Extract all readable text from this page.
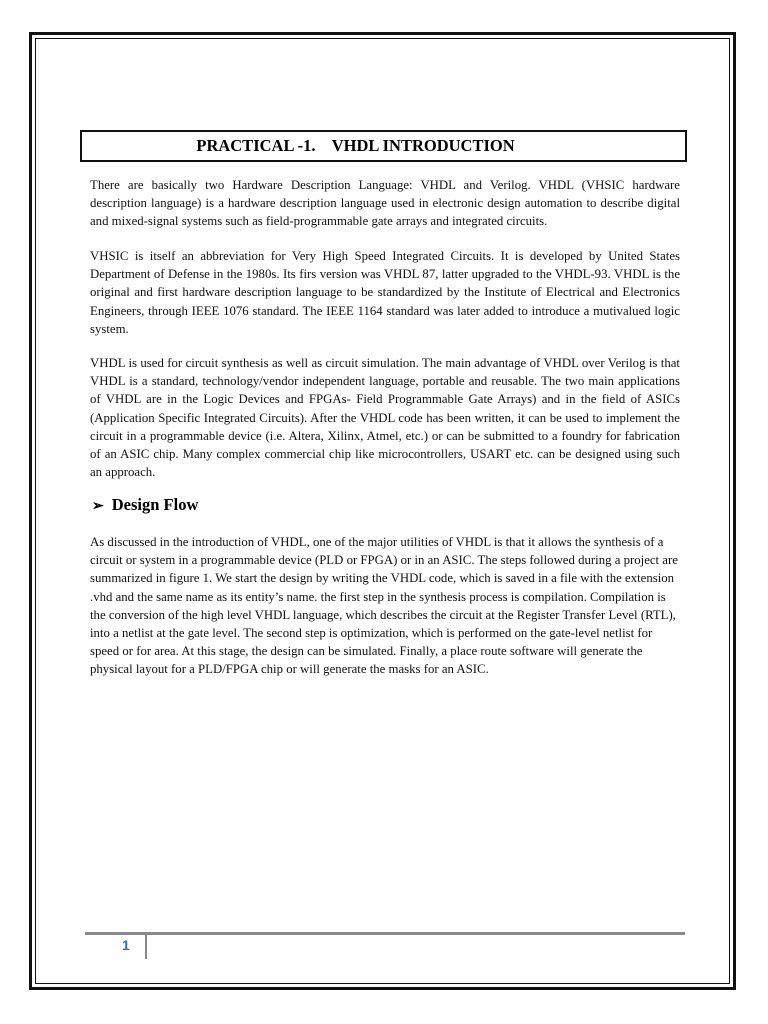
PRACTICAL -1.    VHDL INTRODUCTION

There are basically two Hardware Description Language: VHDL and Verilog. VHDL (VHSIC hardware description language) is a hardware description language used in electronic design automation to describe digital and mixed-signal systems such as field-programmable gate arrays and integrated circuits.

VHSIC is itself an abbreviation for Very High Speed Integrated Circuits. It is developed by United States Department of Defense in the 1980s. Its firs version was VHDL 87, latter upgraded to the VHDL-93. VHDL is the original and first hardware description language to be standardized by the Institute of Electrical and Electronics Engineers, through IEEE 1076 standard. The IEEE 1164 standard was later added to introduce a mutivalued logic system.

VHDL is used for circuit synthesis as well as circuit simulation. The main advantage of VHDL over Verilog is that VHDL is a standard, technology/vendor independent language, portable and reusable. The two main applications of VHDL are in the Logic Devices and FPGAs- Field Programmable Gate Arrays) and in the field of ASICs (Application Specific Integrated Circuits). After the VHDL code has been written, it can be used to implement the circuit in a programmable device (i.e. Altera, Xilinx, Atmel, etc.) or can be submitted to a foundry for fabrication of an ASIC chip. Many complex commercial chip like microcontrollers, USART etc. can be designed using such an approach.

➢ Design Flow

As discussed in the introduction of VHDL, one of the major utilities of VHDL is that it allows the synthesis of a circuit or system in a programmable device (PLD or FPGA) or in an ASIC. The steps followed during a project are summarized in figure 1. We start the design by writing the VHDL code, which is saved in a file with the extension .vhd and the same name as its entity’s name. the first step in the synthesis process is compilation. Compilation is the conversion of the high level VHDL language, which describes the circuit at the Register Transfer Level (RTL), into a netlist at the gate level. The second step is optimization, which is performed on the gate-level netlist for speed or for area. At this stage, the design can be simulated. Finally, a place route software will generate the physical layout for a PLD/FPGA chip or will generate the masks for an ASIC.

1
